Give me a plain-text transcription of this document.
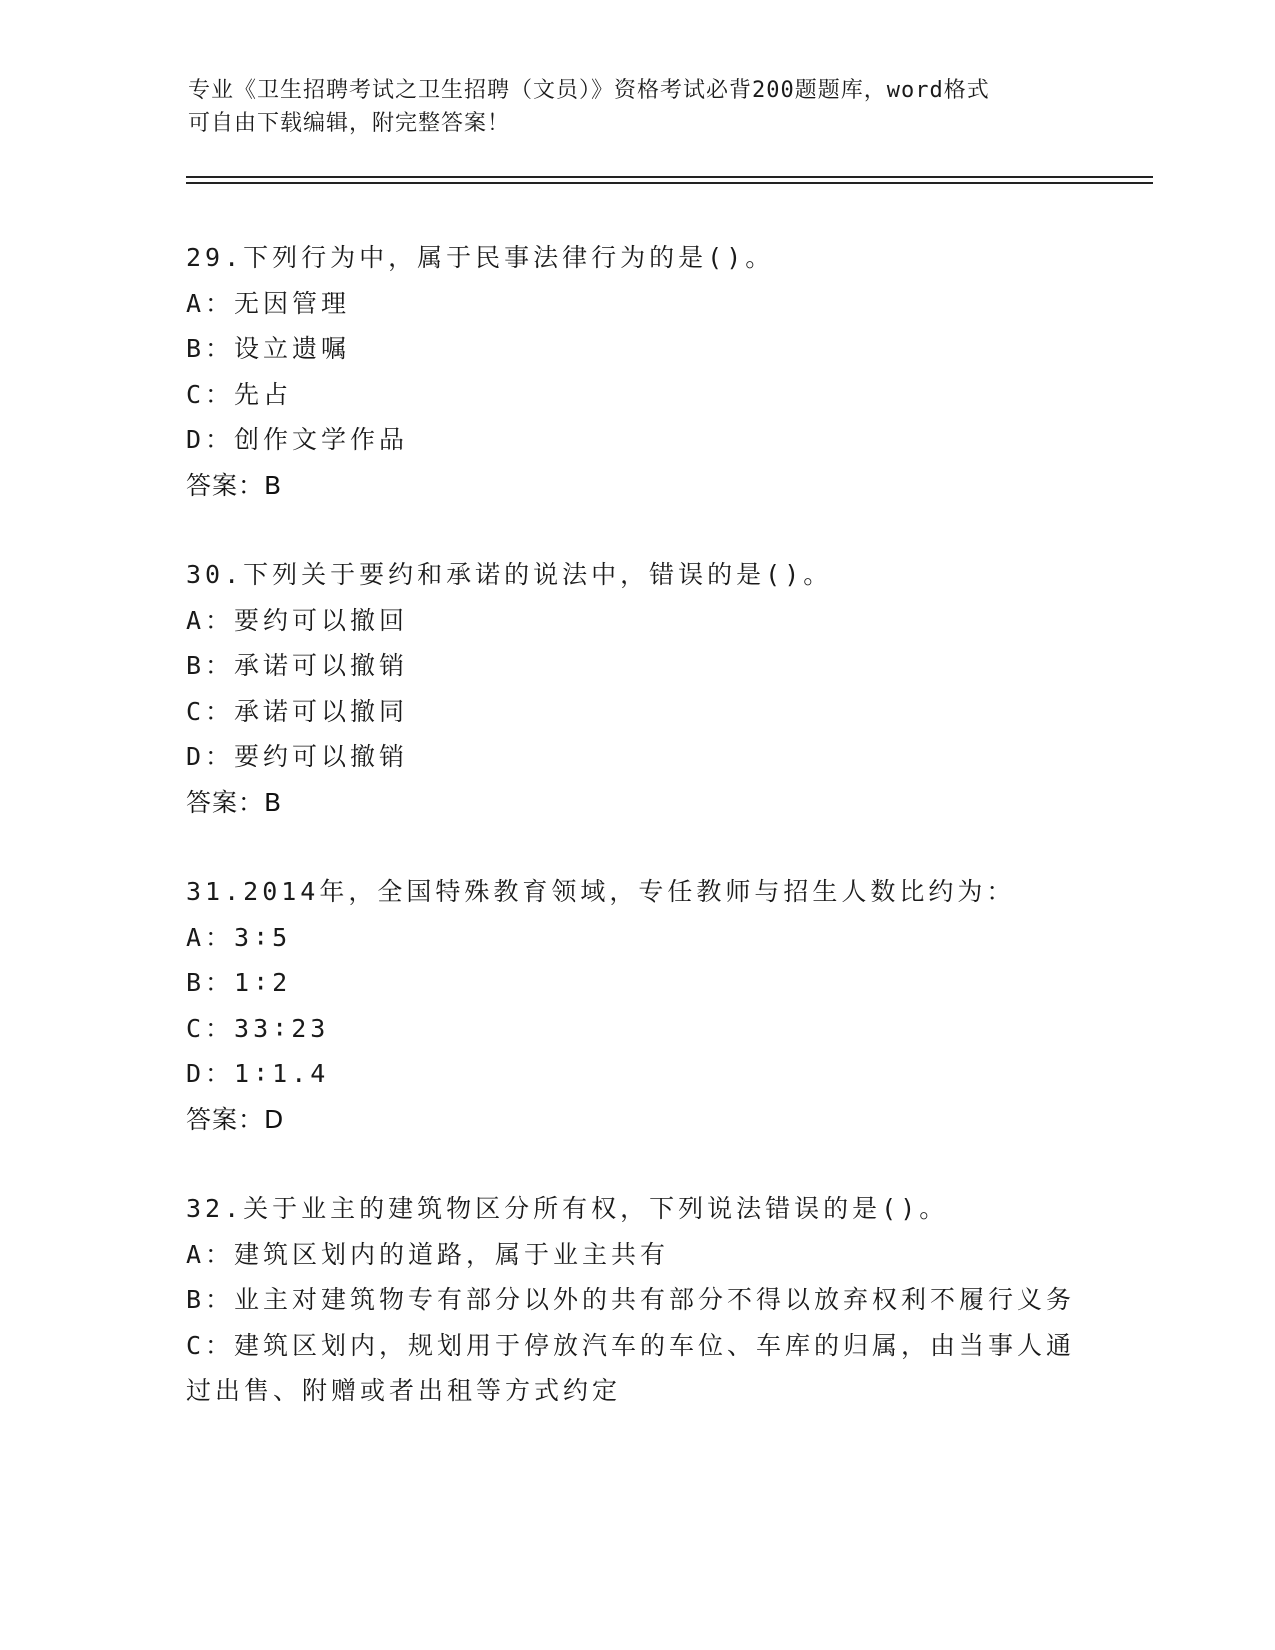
专业《卫生招聘考试之卫生招聘（文员）》资格考试必背200题题库，word格式
可自由下载编辑，附完整答案！
29.下列行为中，属于民事法律行为的是()。
A：无因管理
B：设立遗嘱
C：先占
D：创作文学作品
答案：B
30.下列关于要约和承诺的说法中，错误的是()。
A：要约可以撤回
B：承诺可以撤销
C：承诺可以撤同
D：要约可以撤销
答案：B
31.2014年，全国特殊教育领域，专任教师与招生人数比约为：
A：3∶5
B：1∶2
C：33∶23
D：1∶1.4
答案：D
32.关于业主的建筑物区分所有权，下列说法错误的是()。
A：建筑区划内的道路，属于业主共有
B：业主对建筑物专有部分以外的共有部分不得以放弃权利不履行义务
C：建筑区划内，规划用于停放汽车的车位、车库的归属，由当事人通过出售、附赠或者出租等方式约定
